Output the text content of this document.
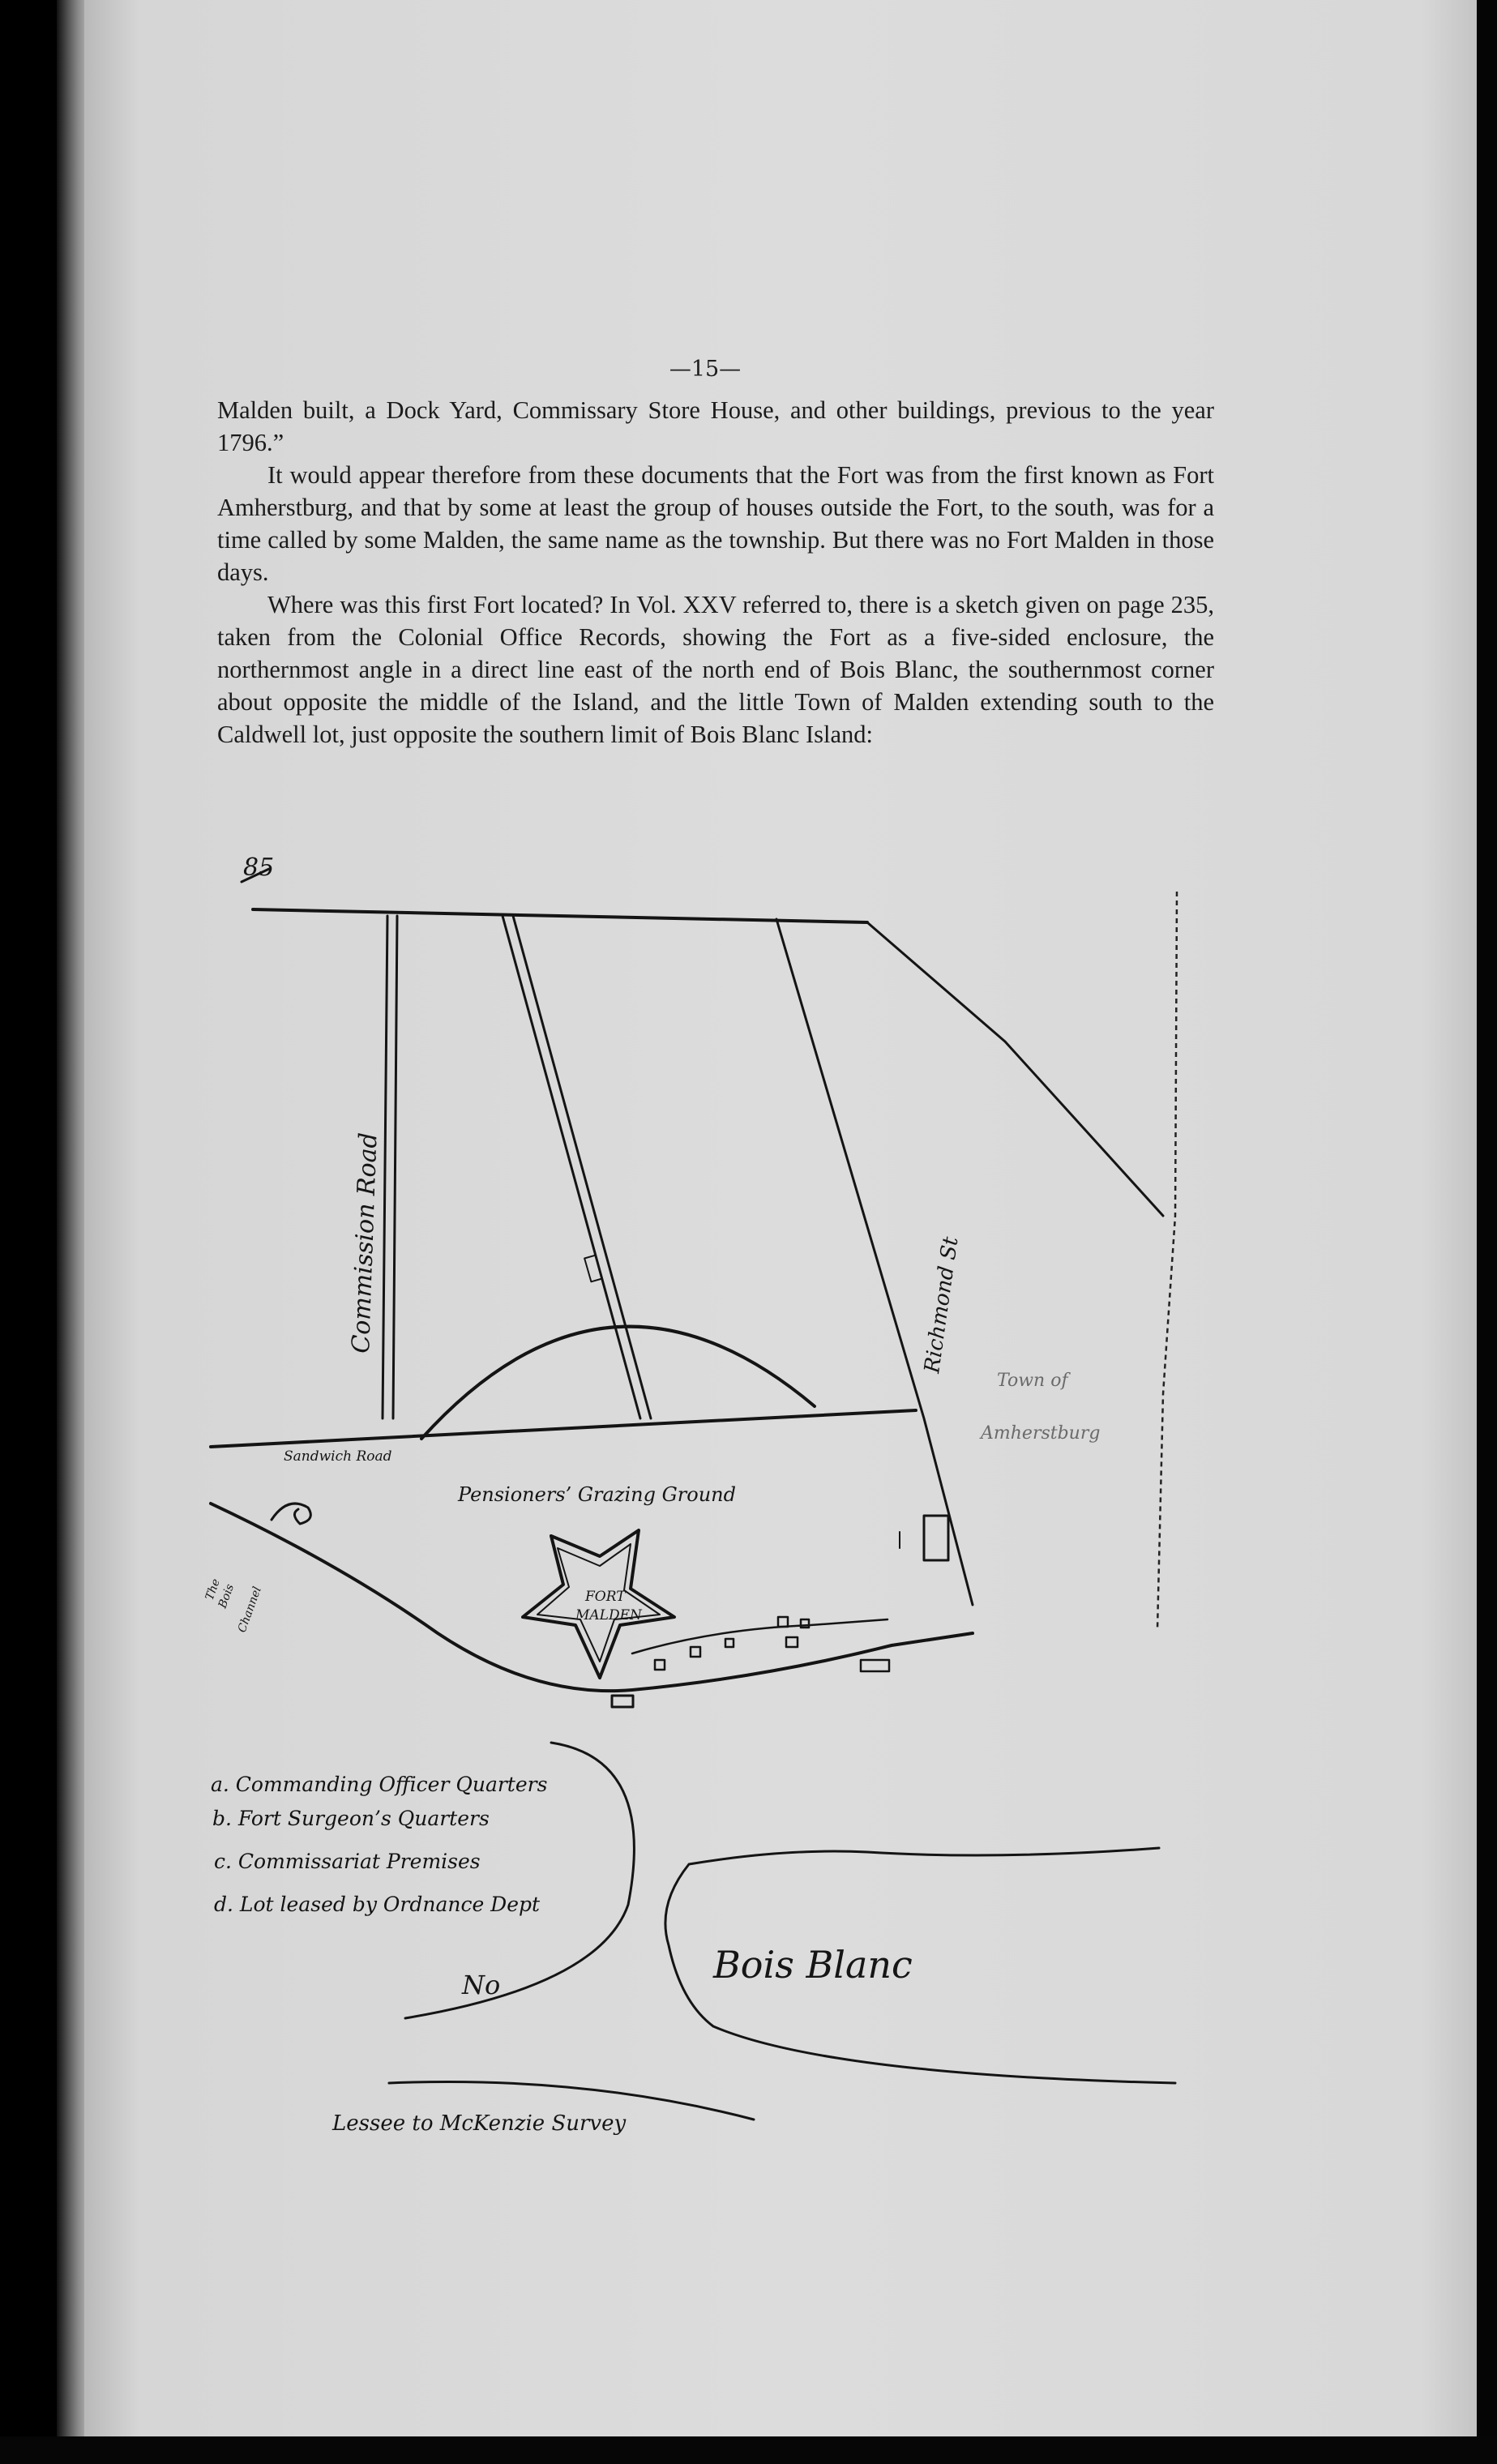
—15—

Malden built, a Dock Yard, Commissary Store House, and other buildings, previous to the year 1796.”

It would appear therefore from these documents that the Fort was from the first known as Fort Amherstburg, and that by some at least the group of houses outside the Fort, to the south, was for a time called by some Malden, the same name as the township. But there was no Fort Malden in those days.

Where was this first Fort located? In Vol. XXV referred to, there is a sketch given on page 235, taken from the Colonial Office Records, showing the Fort as a five-sided enclosure, the northernmost angle in a direct line east of the north end of Bois Blanc, the southernmost corner about opposite the middle of the Island, and the little Town of Malden extending south to the Caldwell lot, just opposite the southern limit of Bois Blanc Island:

85
FORT
MALDEN
Commission Road	Richmond St
Sandwich Road
Pensioners’ Grazing Ground
Town of
Amherstburg
The
Bois
Channel
a. Commanding Officer Quarters
b. Fort Surgeon’s Quarters
c. Commissariat Premises
d. Lot leased by Ordnance Dept
No	Bois Blanc
Lessee to McKenzie Survey
